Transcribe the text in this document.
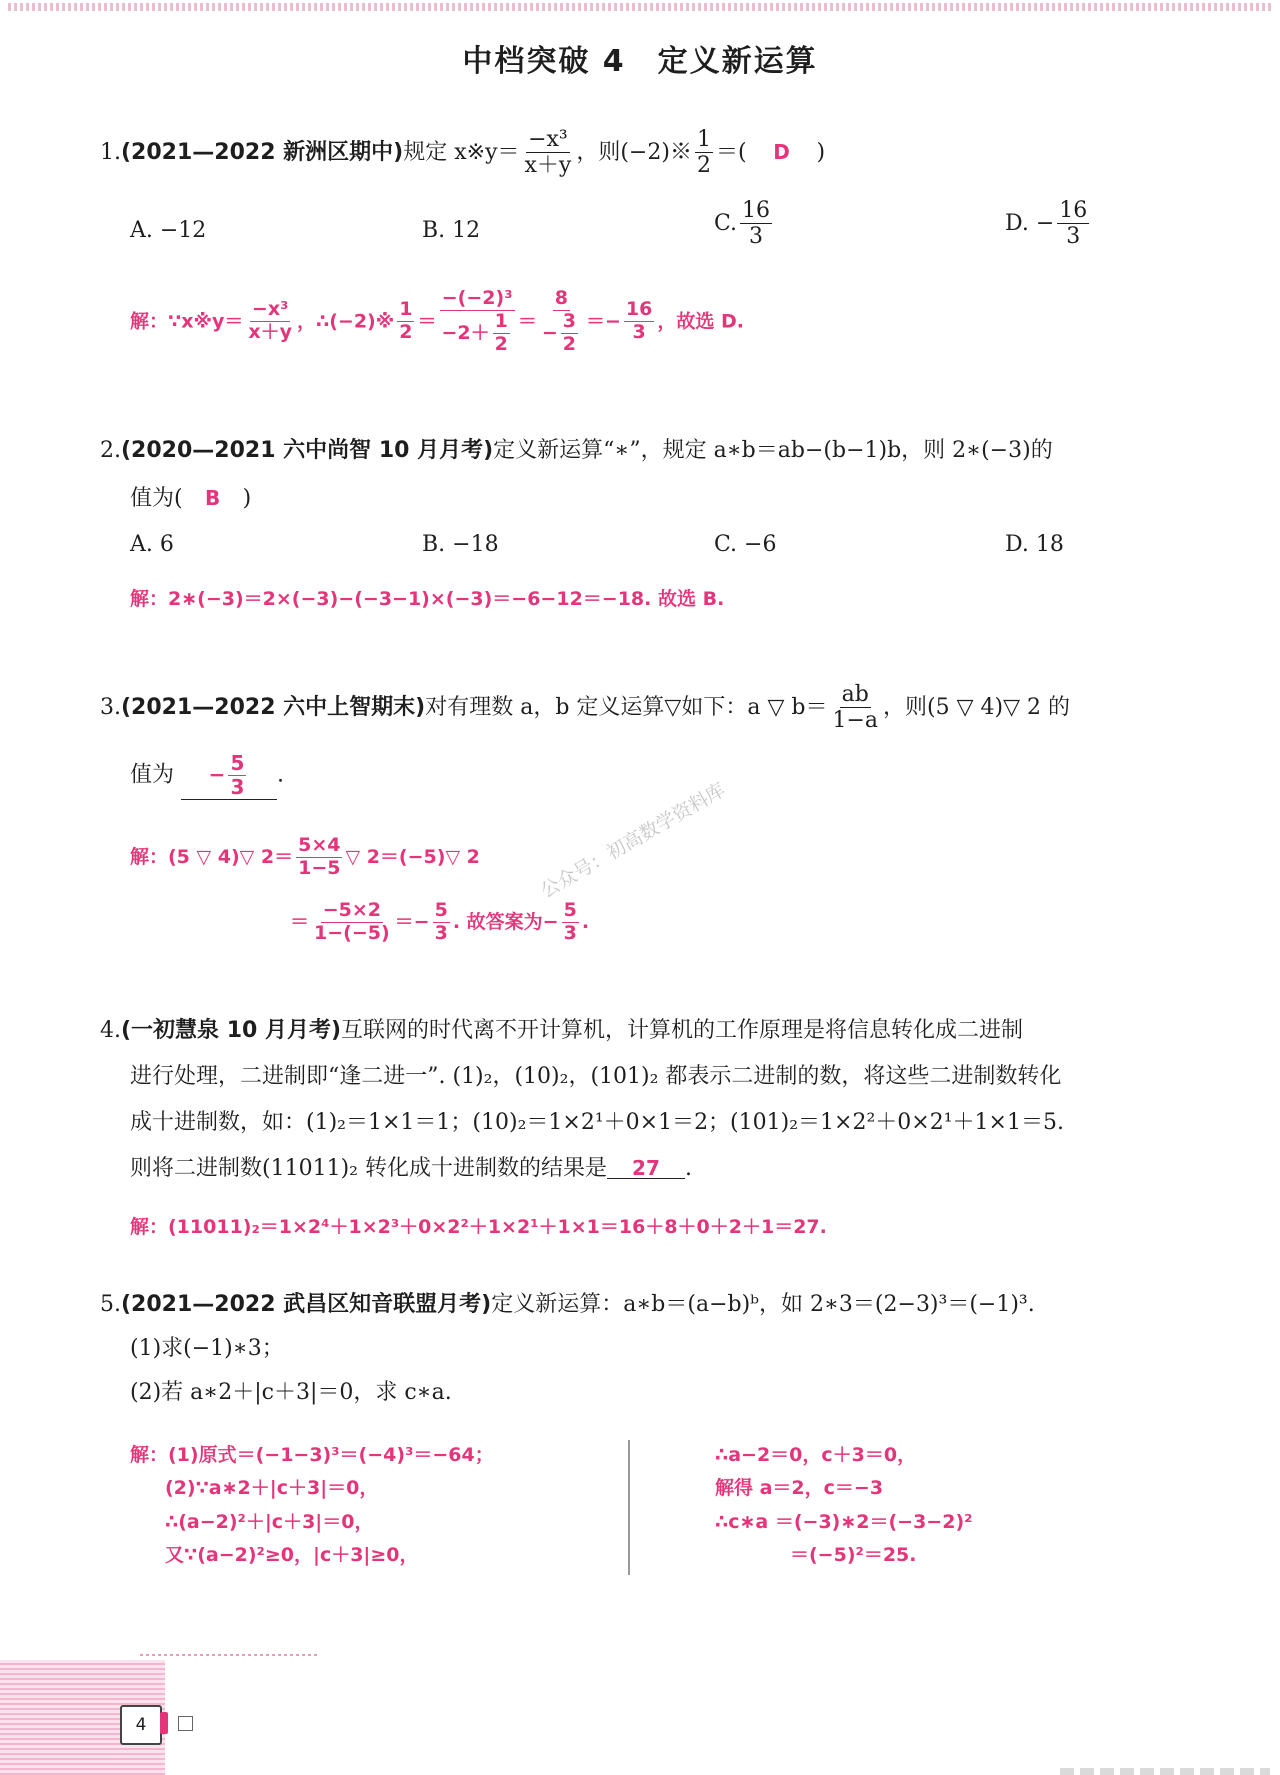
中档突破 4　定义新运算
1.(2021—2022 新洲区期中)规定 x※y＝ $\frac{\text{−x³}}{x+y}$ ，则(−2)※ $\frac{1}{2}$ ＝( D )
A. −12	B. 12	C. $\frac{16}{3}$	D. − $\frac{16}{3}$
解：∵x※y＝ $\frac{\text{−x³}}{x+y}$ ，∴(−2)※ $\frac{1}{2} = \frac{\text{−(−2)³}}{-2+ \frac{1}{2}} = \frac{8}{- \frac{3}{2}} =- \frac{16}{3}$ ，故选 D.
2.(2020—2021 六中尚智 10 月月考)定义新运算“∗”，规定 a∗b＝ab−(b−1)b，则 2∗(−3)的
值为( B )
A. 6	B. −18	C. −6	D. 18
解：2∗(−3)＝2×(−3)−(−3−1)×(−3)＝−6−12＝−18. 故选 B.
3.(2021—2022 六中上智期末)对有理数 a，b 定义运算▽如下：a ▽ $b= \frac{ab}{1-a}$ ，则(5 ▽ 4)▽ 2 的
值为 − $\frac{5}{3}$ .
解：(5 ▽ 4)▽ $2= \frac{5\times 4}{1-5}$ ▽ 2＝(−5)▽ 2
＝ $\frac{-5\times 2}{1-(-5)} =- \frac{5}{3}$ . 故答案为− $\frac{5}{3}$ .
公众号：初高数学资料库
4.(一初慧泉 10 月月考)互联网的时代离不开计算机，计算机的工作原理是将信息转化成二进制
进行处理，二进制即“逢二进一”. (1)₂，(10)₂，(101)₂ 都表示二进制的数，将这些二进制数转化
成十进制数，如：(1)₂＝1×1＝1；(10)₂＝1×2¹＋0×1＝2；(101)₂＝1×2²＋0×2¹＋1×1＝5.
则将二进制数(11011)₂ 转化成十进制数的结果是 27 .
解：(11011)₂＝1×2⁴＋1×2³＋0×2²＋1×2¹＋1×1＝16＋8＋0＋2＋1＝27.
5.(2021—2022 武昌区知音联盟月考)定义新运算：a∗b＝(a−b)ᵇ，如 2∗3＝(2−3)³＝(−1)³.
(1)求(−1)∗3；
(2)若 a∗2＋|c＋3|＝0，求 c∗a.
解：(1)原式＝(−1−3)³＝(−4)³＝−64；
(2)∵a∗2＋|c＋3|＝0，
∴(a−2)²＋|c＋3|＝0，
又∵(a−2)²≥0，|c＋3|≥0，
∴a−2＝0，c＋3＝0，
解得 a＝2，c＝−3
∴c∗a ＝(−3)∗2＝(−3−2)²
＝(−5)²＝25.
4
